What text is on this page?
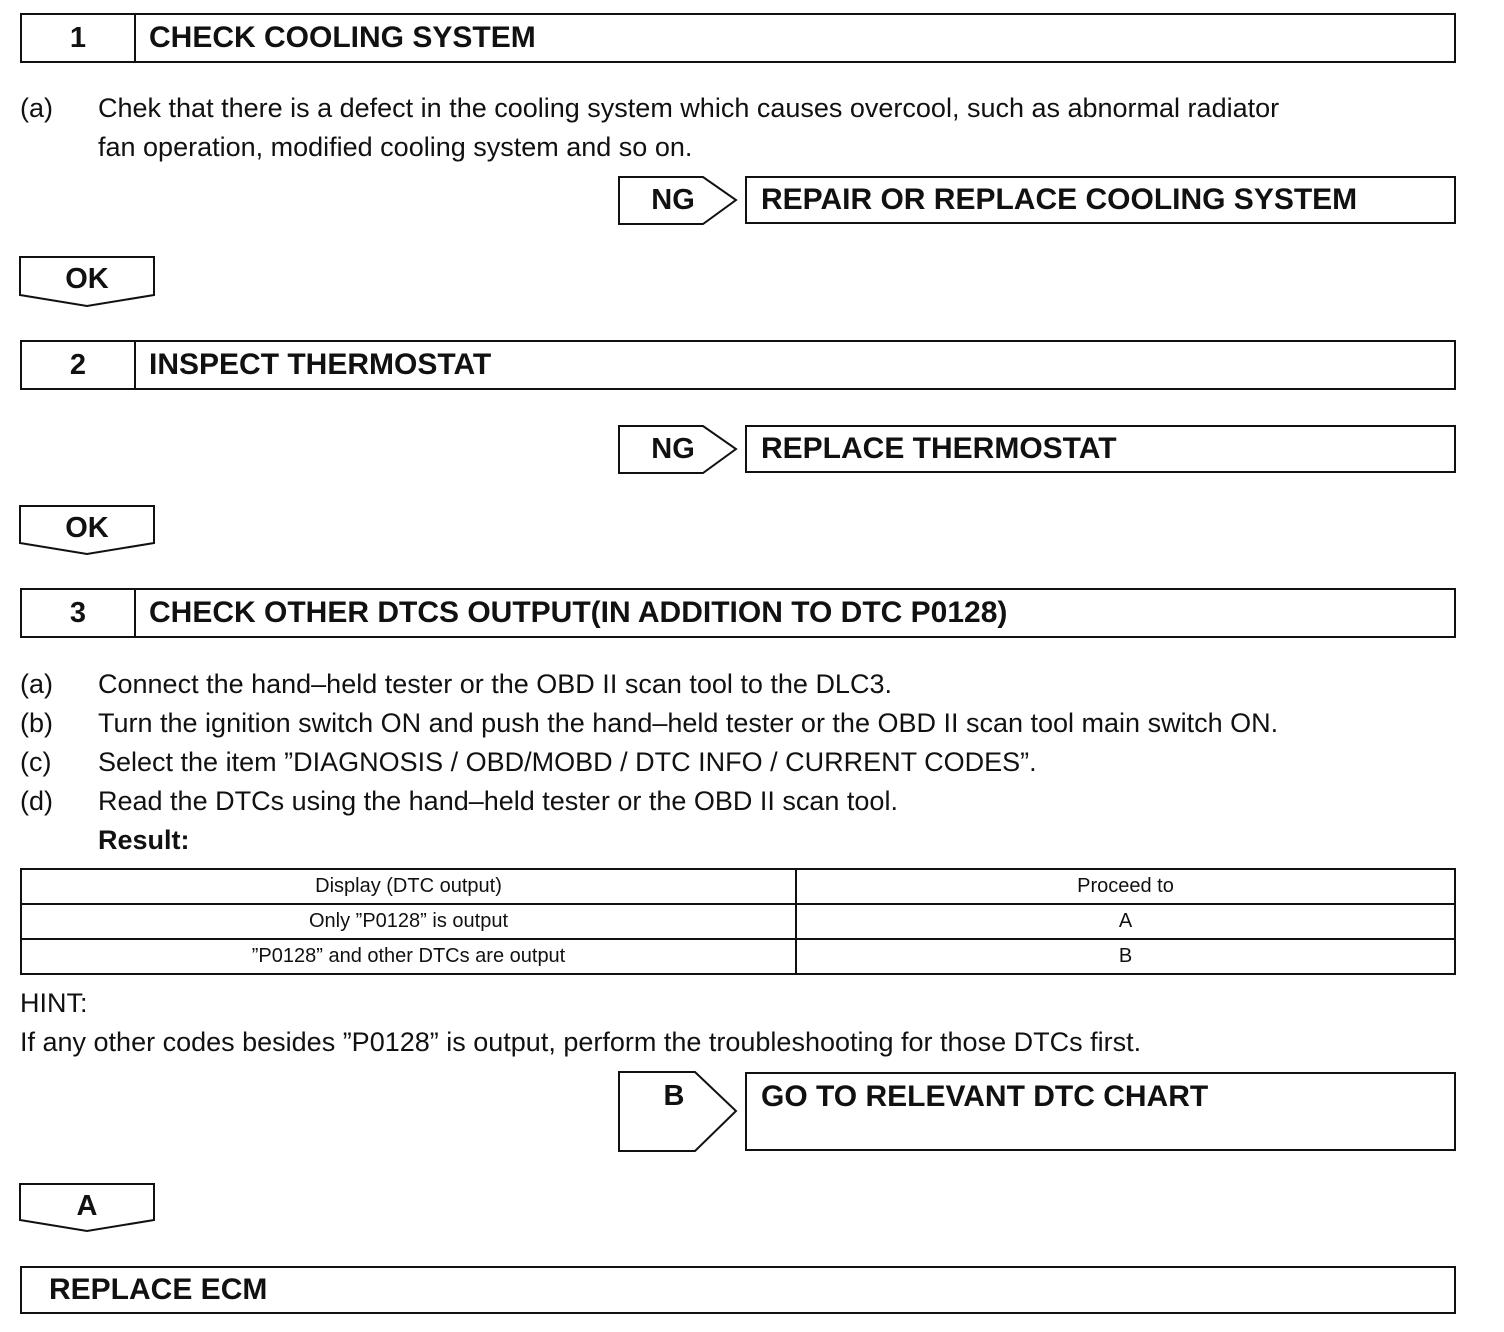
1	CHECK COOLING SYSTEM
(a) Chek that there is a defect in the cooling system which causes overcool, such as abnormal radiator
fan operation, modified cooling system and so on.
NG	REPAIR OR REPLACE COOLING SYSTEM
OK
2	INSPECT THERMOSTAT
NG	REPLACE THERMOSTAT
OK
3	CHECK OTHER DTCS OUTPUT(IN ADDITION TO DTC P0128)
(a) Connect the hand–held tester or the OBD II scan tool to the DLC3.
(b) Turn the ignition switch ON and push the hand–held tester or the OBD II scan tool main switch ON.
(c) Select the item ”DIAGNOSIS / OBD/MOBD / DTC INFO / CURRENT CODES”.
(d) Read the DTCs using the hand–held tester or the OBD II scan tool.
Result:
Display (DTC output)	Proceed to
Only ”P0128” is output	A
”P0128” and other DTCs are output	B
HINT:
If any other codes besides ”P0128” is output, perform the troubleshooting for those DTCs first.
B	GO TO RELEVANT DTC CHART
A
REPLACE ECM
